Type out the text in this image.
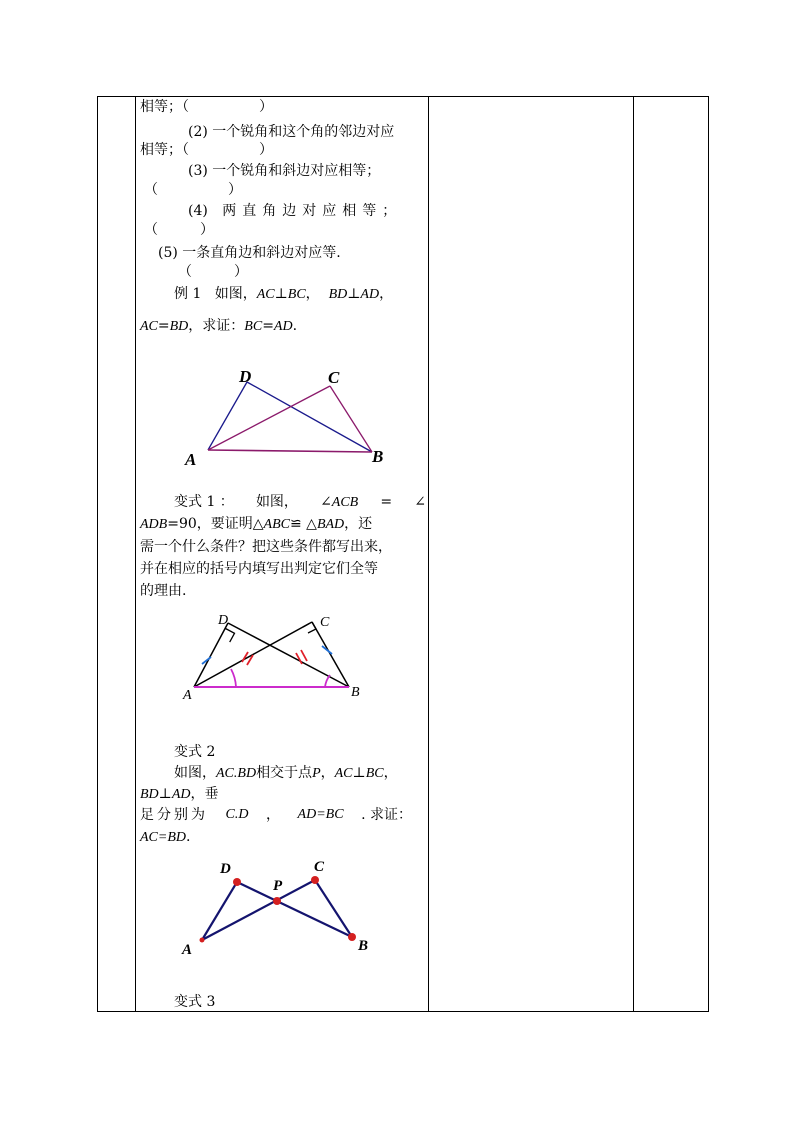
相等；（　　　　　）
(2) 一个锐角和这个角的邻边对应
相等；（　　　　　）
(3) 一个锐角和斜边对应相等；
（　　　　　）
(4) 两直角边对应相等；
（　　　）
(5) 一条直角边和斜边对应等.
（　　　）
例 1 如图，AC⊥BC， BD⊥AD，
AC=BD，求证：BC=AD.
D	C
A	B
变式 1 ： 如图， ∠ACB = ∠
ADB=90，要证明△ABC≌ △BAD，还
需一个什么条件？把这些条件都写出来，
并在相应的括号内填写出判定它们全等
的理由.
D	C
A	B
变式 2
如图，AC.BD相交于点P，AC⊥BC，
BD⊥AD，垂
足分别为 C.D ， AD=BC . 求证：
AC=BD.
D	C
P
A	B
变式 3
